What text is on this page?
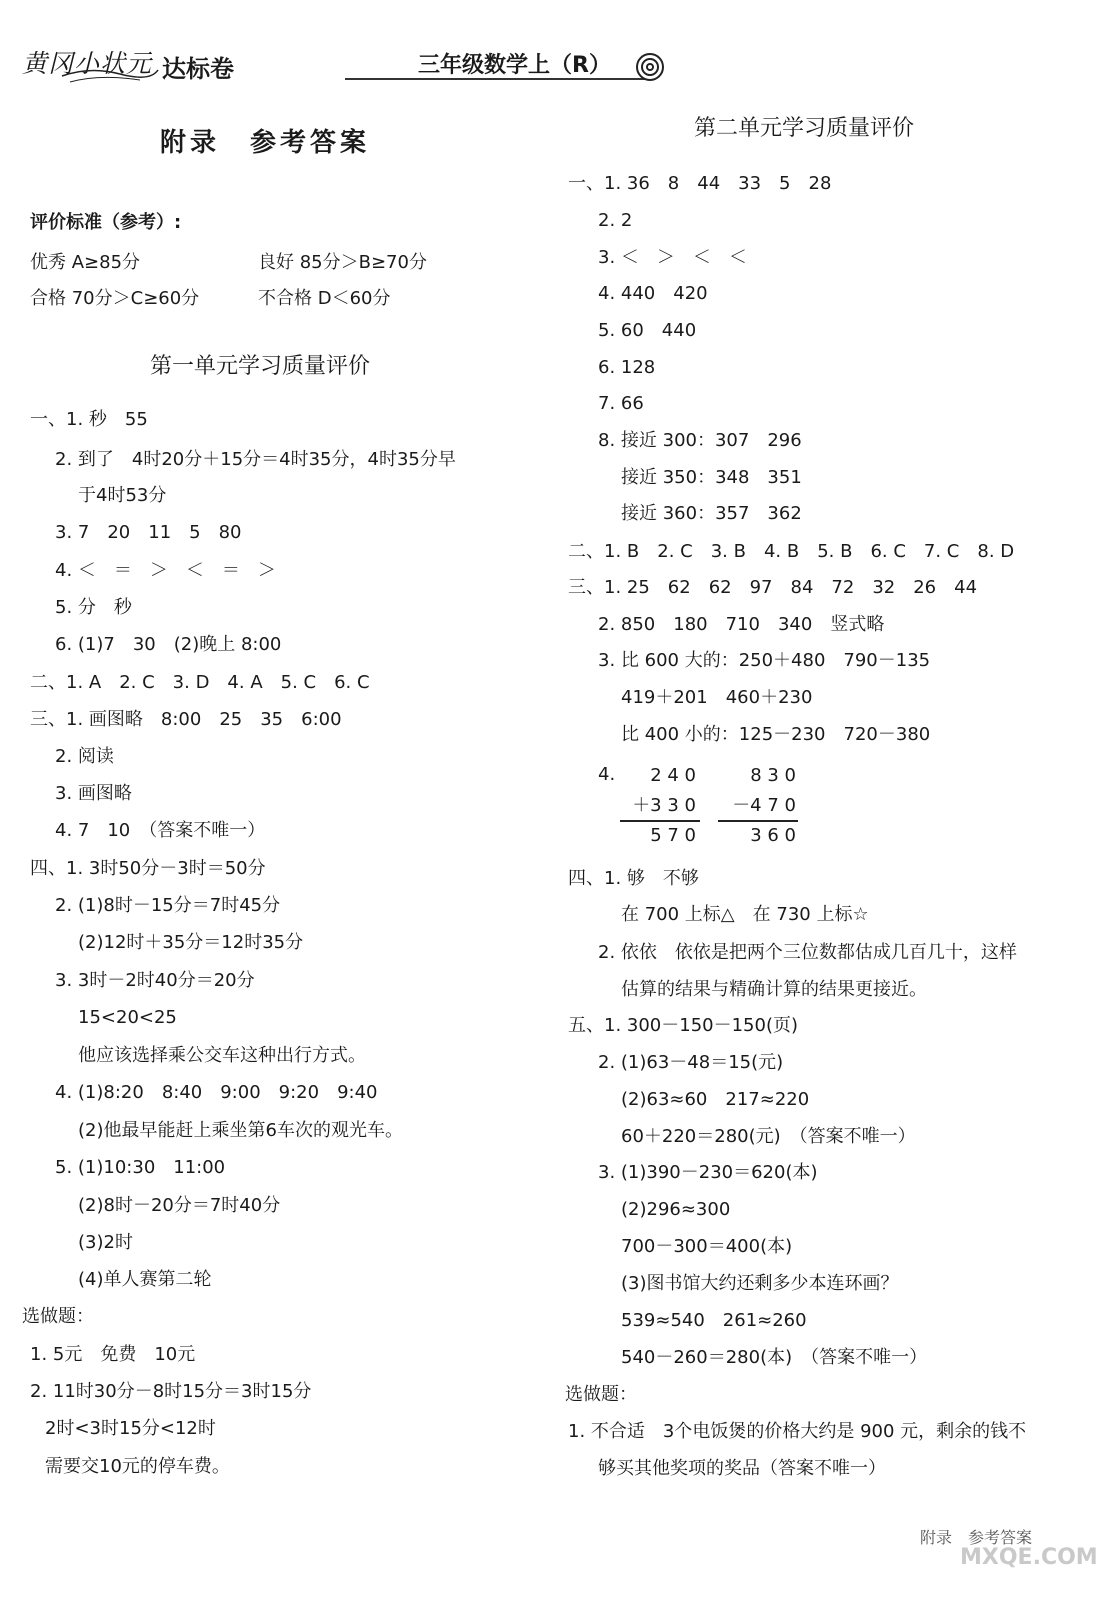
黄冈小状元 达标卷	三年级数学上（R）
附录　参考答案
评价标准（参考）:
优秀 A≥85分	良好 85分＞B≥70分
合格 70分＞C≥60分	不合格 D＜60分
第一单元学习质量评价
一、1. 秒　55
2. 到了　4时20分＋15分＝4时35分，4时35分早
于4时53分
3. 7　20　11　5　80
4. ＜　＝　＞　＜　＝　＞
5. 分　秒
6. (1)7　30　(2)晚上 8:00
二、1. A　2. C　3. D　4. A　5. C　6. C
三、1. 画图略　8:00　25　35　6:00
2. 阅读
3. 画图略
4. 7　10　（答案不唯一）
四、1. 3时50分－3时＝50分
2. (1)8时－15分＝7时45分
(2)12时＋35分＝12时35分
3. 3时－2时40分＝20分
15<20<25
他应该选择乘公交车这种出行方式。
4. (1)8:20　8:40　9:00　9:20　9:40
(2)他最早能赶上乘坐第6车次的观光车。
5. (1)10:30　11:00
(2)8时－20分＝7时40分
(3)2时
(4)单人赛第二轮
选做题：
1. 5元　免费　10元
2. 11时30分－8时15分＝3时15分
2时<3时15分<12时
需要交10元的停车费。
第二单元学习质量评价
一、1. 36　8　44　33　5　28
2. 2
3. ＜　＞　＜　＜
4. 440　420
5. 60　440
6. 128
7. 66
8. 接近 300：307　296
接近 350：348　351
接近 360：357　362
二、1. B　2. C　3. B　4. B　5. B　6. C　7. C　8. D
三、1. 25　62　62　97　84　72　32　26　44
2. 850　180　710　340　竖式略
3. 比 600 大的：250＋480　790－135
419＋201　460＋230
比 400 小的：125－230　720－380
4.	2 4 0
＋3 3 0
5 7 0
8 3 0
－4 7 0
3 6 0
四、1. 够　不够
在 700 上标△　在 730 上标☆
2. 依依　依依是把两个三位数都估成几百几十，这样
估算的结果与精确计算的结果更接近。
五、1. 300－150－150(页)
2. (1)63－48＝15(元)
(2)63≈60　217≈220
60＋220＝280(元)　（答案不唯一）
3. (1)390－230＝620(本)
(2)296≈300
700－300＝400(本)
(3)图书馆大约还剩多少本连环画？
539≈540　261≈260
540－260＝280(本)　（答案不唯一）
选做题：
1. 不合适　3个电饭煲的价格大约是 900 元，剩余的钱不
够买其他奖项的奖品（答案不唯一）
附录　参考答案
MXQE.COM
